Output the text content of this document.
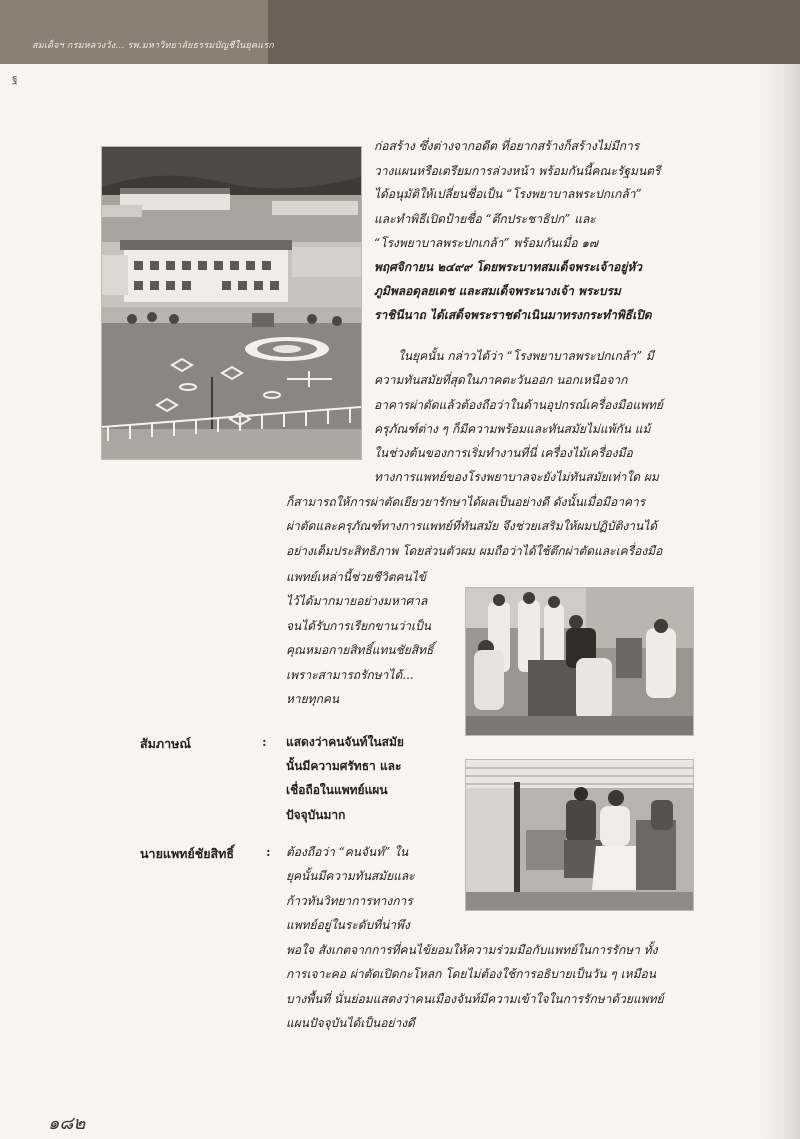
สมเด็จฯ กรมหลวงวัง... รพ.มหาวิทยาลัยธรรมบัญชีในยุคแรก
ฐ
ก่อสร้าง ซึ่งต่างจากอดีต ที่อยากสร้างก็สร้างไม่มีการ
วางแผนหรือเตรียมการล่วงหน้า พร้อมกันนี้คณะรัฐมนตรี
ได้อนุมัติให้เปลี่ยนชื่อเป็น “โรงพยาบาลพระปกเกล้า”
และทำพิธีเปิดป้ายชื่อ “ตึกประชาธิปก” และ
“โรงพยาบาลพระปกเกล้า” พร้อมกันเมื่อ ๑๗
พฤศจิกายน ๒๔๙๙ โดยพระบาทสมเด็จพระเจ้าอยู่หัว
ภูมิพลอดุลยเดช และสมเด็จพระนางเจ้า พระบรม
ราชินีนาถ ได้เสด็จพระราชดำเนินมาทรงกระทำพิธีเปิด
ในยุคนั้น กล่าวได้ว่า “โรงพยาบาลพระปกเกล้า” มี
ความทันสมัยที่สุดในภาคตะวันออก นอกเหนือจาก
อาคารผ่าตัดแล้วต้องถือว่าในด้านอุปกรณ์เครื่องมือแพทย์
ครุภัณฑ์ต่าง ๆ ก็มีความพร้อมและทันสมัยไม่แพ้กัน แม้
ในช่วงต้นของการเริ่มทำงานที่นี่ เครื่องไม้เครื่องมือ
ทางการแพทย์ของโรงพยาบาลจะยังไม่ทันสมัยเท่าใด ผม
ก็สามารถให้การผ่าตัดเยียวยารักษาได้ผลเป็นอย่างดี ดังนั้นเมื่อมีอาคาร
ผ่าตัดและครุภัณฑ์ทางการแพทย์ที่ทันสมัย จึงช่วยเสริมให้ผมปฏิบัติงานได้
อย่างเต็มประสิทธิภาพ โดยส่วนตัวผม ผมถือว่าได้ใช้ตึกผ่าตัดและเครื่องมือ
แพทย์เหล่านี้ช่วยชีวิตคนไข้
ไว้ได้มากมายอย่างมหาศาล
จนได้รับการเรียกขานว่าเป็น
คุณหมอกายสิทธิ์แทนชัยสิทธิ์
เพราะสามารถรักษาได้...
หายทุกคน
สัมภาษณ์	: แสดงว่าคนจันท์ในสมัย
นั้นมีความศรัทธา และ
เชื่อถือในแพทย์แผน
ปัจจุบันมาก
นายแพทย์ชัยสิทธิ์	: ต้องถือว่า “คนจันท์” ใน
ยุคนั้นมีความทันสมัยและ
ก้าวทันวิทยาการทางการ
แพทย์อยู่ในระดับที่น่าพึง
พอใจ สังเกตจากการที่คนไข้ยอมให้ความร่วมมือกับแพทย์ในการรักษา ทั้ง
การเจาะคอ ผ่าตัดเปิดกะโหลก โดยไม่ต้องใช้การอธิบายเป็นวัน ๆ เหมือน
บางพื้นที่ นั่นย่อมแสดงว่าคนเมืองจันท์มีความเข้าใจในการรักษาด้วยแพทย์
แผนปัจจุบันได้เป็นอย่างดี
๑๘๒
